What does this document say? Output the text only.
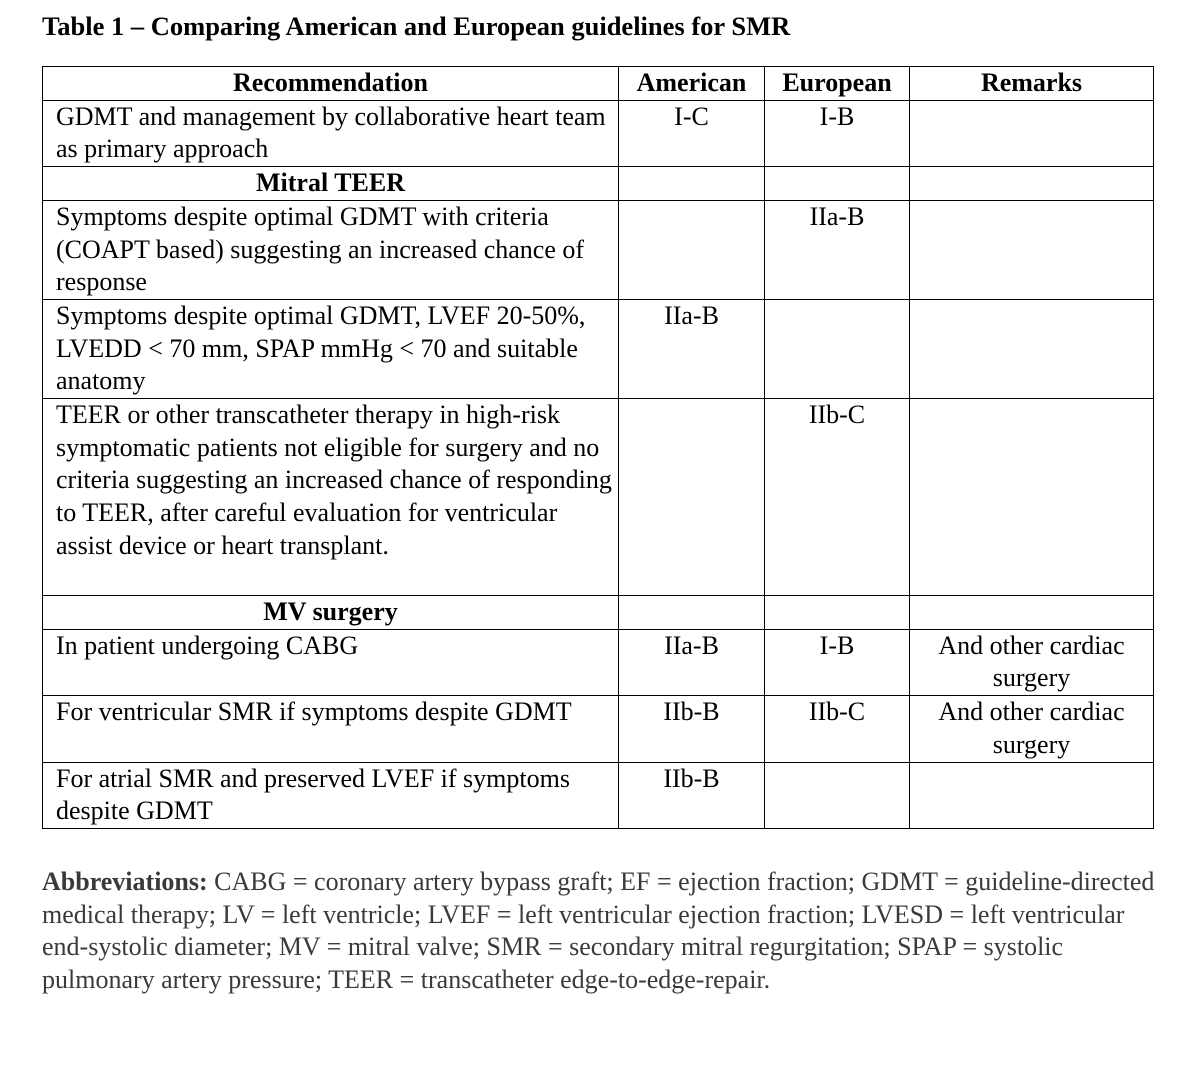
Table 1 – Comparing American and European guidelines for SMR
Recommendation	American	European	Remarks
GDMT and management by collaborative heart team as primary approach	I-C	I-B	
Mitral TEER			
Symptoms despite optimal GDMT with criteria (COAPT based) suggesting an increased chance of response		IIa-B	
Symptoms despite optimal GDMT, LVEF 20-50%, LVEDD < 70 mm, SPAP mmHg < 70 and suitable anatomy	IIa-B		
TEER or other transcatheter therapy in high-risk symptomatic patients not eligible for surgery and no criteria suggesting an increased chance of responding to TEER, after careful evaluation for ventricular assist device or heart transplant.		IIb-C	
MV surgery			
In patient undergoing CABG	IIa-B	I-B	And other cardiac surgery
For ventricular SMR if symptoms despite GDMT	IIb-B	IIb-C	And other cardiac surgery
For atrial SMR and preserved LVEF if symptoms despite GDMT	IIb-B		
Abbreviations: CABG = coronary artery bypass graft; EF = ejection fraction; GDMT = guideline-directed medical therapy; LV = left ventricle; LVEF = left ventricular ejection fraction; LVESD = left ventricular end-systolic diameter; MV = mitral valve; SMR = secondary mitral regurgitation; SPAP = systolic pulmonary artery pressure; TEER = transcatheter edge-to-edge-repair.
